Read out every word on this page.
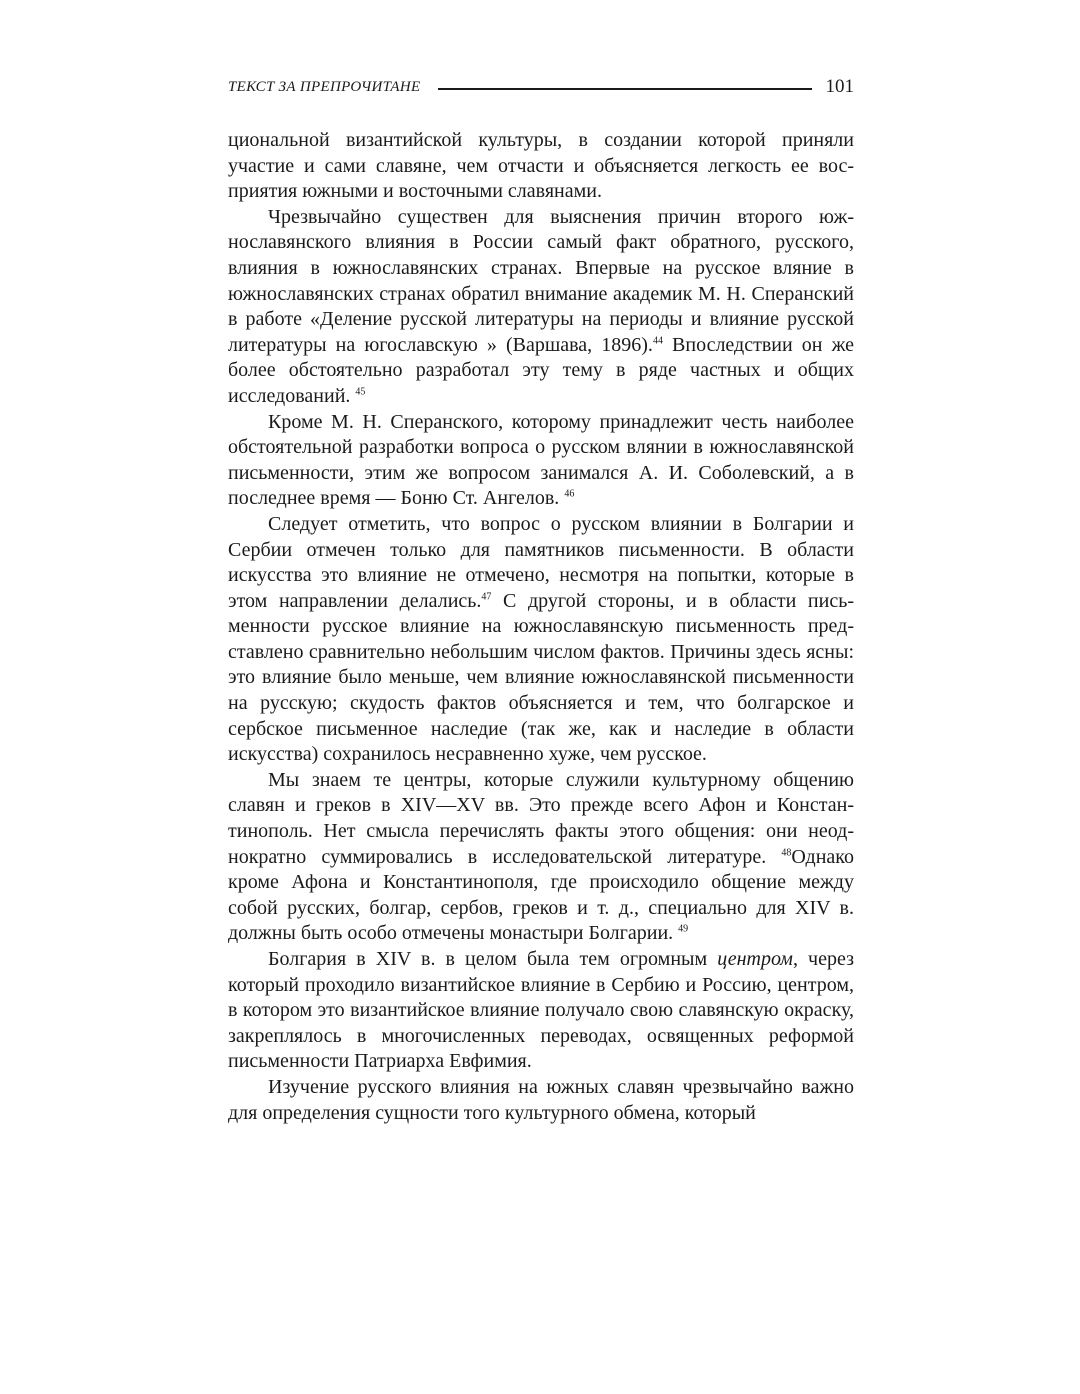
ТЕКСТ ЗА ПРЕПРОЧИТАНЕ	101

циональной византийской культуры, в создании которой приняли участие и сами славяне, чем отчасти и объясняется легкость ее восприятия южными и восточными славянами.

Чрезвычайно существен для выяснения причин второго южнославянского влияния в России самый факт обратного, русского, влияния в южнославянских странах. Впервые на русское вляние в южнославянских странах обратил внимание академик М. Н. Сперанский в работе «Деление русской литературы на периоды и влияние русской литературы на югославскую » (Варшава, 1896).$^{44}$ Впоследствии он же более обстоятельно разработал эту тему в ряде частных и общих исследований. $^{45}$

Кроме М. Н. Сперанского, которому принадлежит честь наиболее обстоятельной разработки вопроса о русском влянии в южнославянской письменности, этим же вопросом занимался А. И. Соболевский, а в последнее время — Боню Ст. Ангелов. $^{46}$

Следует отметить, что вопрос о русском влиянии в Болгарии и Сербии отмечен только для памятников письменности. В области искусства это влияние не отмечено, несмотря на попытки, которые в этом направлении делались.$^{47}$ С другой стороны, и в области письменности русское влияние на южнославянскую письменность представлено сравнительно небольшим числом фактов. Причины здесь ясны: это влияние было меньше, чем влияние южнославянской письменности на русскую; скудость фактов объясняется и тем, что болгарское и сербское письменное наследие (так же, как и наследие в области искусства) сохранилось несравненно хуже, чем русское.

Мы знаем те центры, которые служили культурному общению славян и греков в XIV—XV вв. Это прежде всего Афон и Константинополь. Нет смысла перечислять факты этого общения: они неоднократно суммировались в исследовательской литературе. $^{48}$Однако кроме Афона и Константинополя, где происходило общение между собой русских, болгар, сербов, греков и т. д., специально для XIV в. должны быть особо отмечены монастыри Болгарии. $^{49}$

Болгария в XIV в. в целом была тем огромным центром, через который проходило византийское влияние в Сербию и Россию, центром, в котором это византийское влияние получало свою славянскую окраску, закреплялось в многочисленных переводах, освященных реформой письменности Патриарха Евфимия.

Изучение русского влияния на южных славян чрезвычайно важно для определения сущности того культурного обмена, который
